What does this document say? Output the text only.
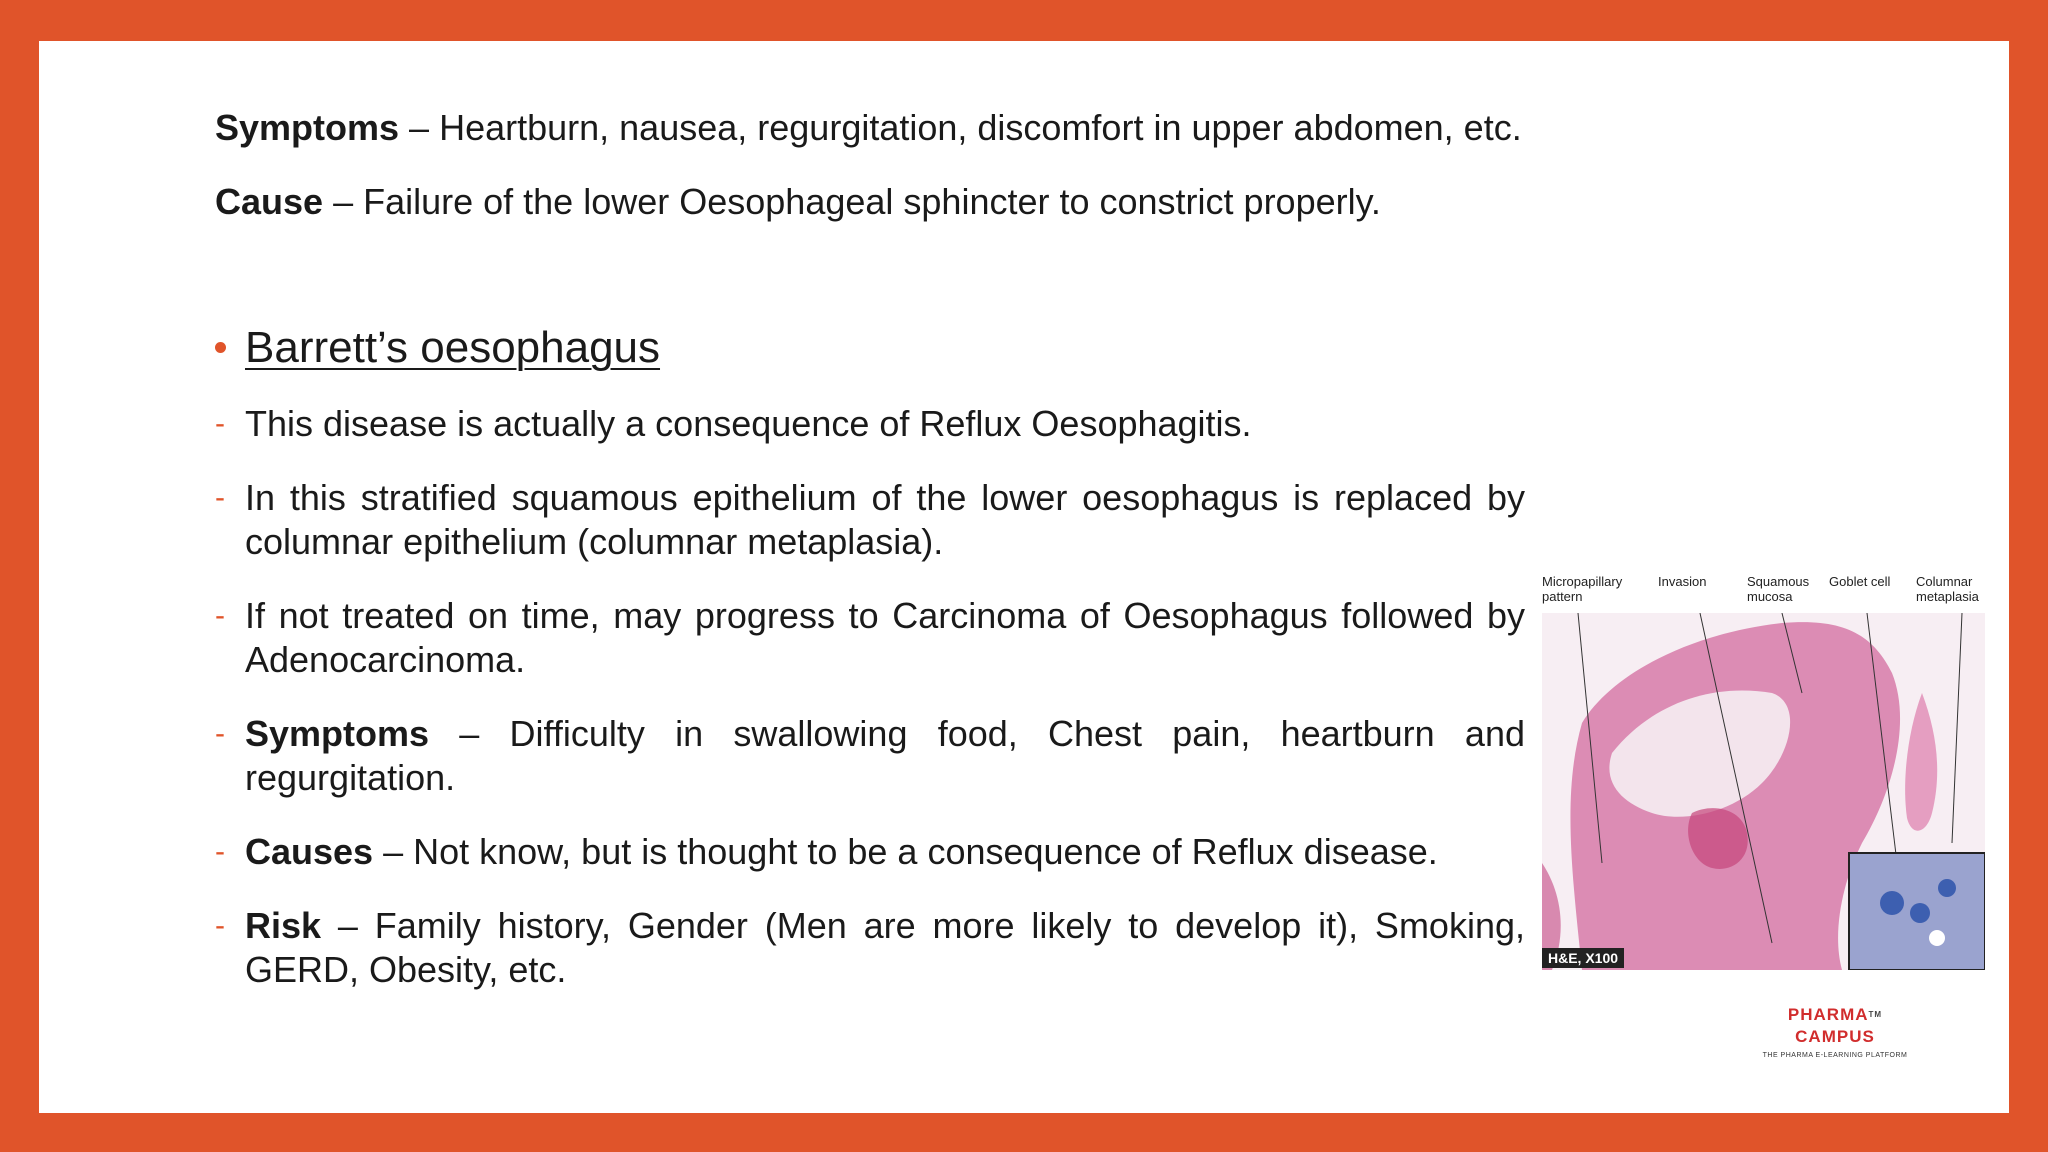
Symptoms – Heartburn, nausea, regurgitation, discomfort in upper abdomen, etc.

Cause – Failure of the lower Oesophageal sphincter to constrict properly.

Barrett’s oesophagus
- This disease is actually a consequence of Reflux Oesophagitis.
- In this stratified squamous epithelium of the lower oesophagus is replaced by columnar epithelium (columnar metaplasia).
- If not treated on time, may progress to Carcinoma of Oesophagus followed by Adenocarcinoma.
- Symptoms – Difficulty in swallowing food, Chest pain, heartburn and regurgitation.
- Causes – Not know, but is thought to be a consequence of Reflux disease.
- Risk – Family history, Gender (Men are more likely to develop it), Smoking, GERD, Obesity, etc.
Micropapillary pattern
Invasion	Squamous mucosa
Goblet cell Columnar metaplasia
H&E, X100
PHARMA™
CAMPUS
THE PHARMA E-LEARNING PLATFORM
